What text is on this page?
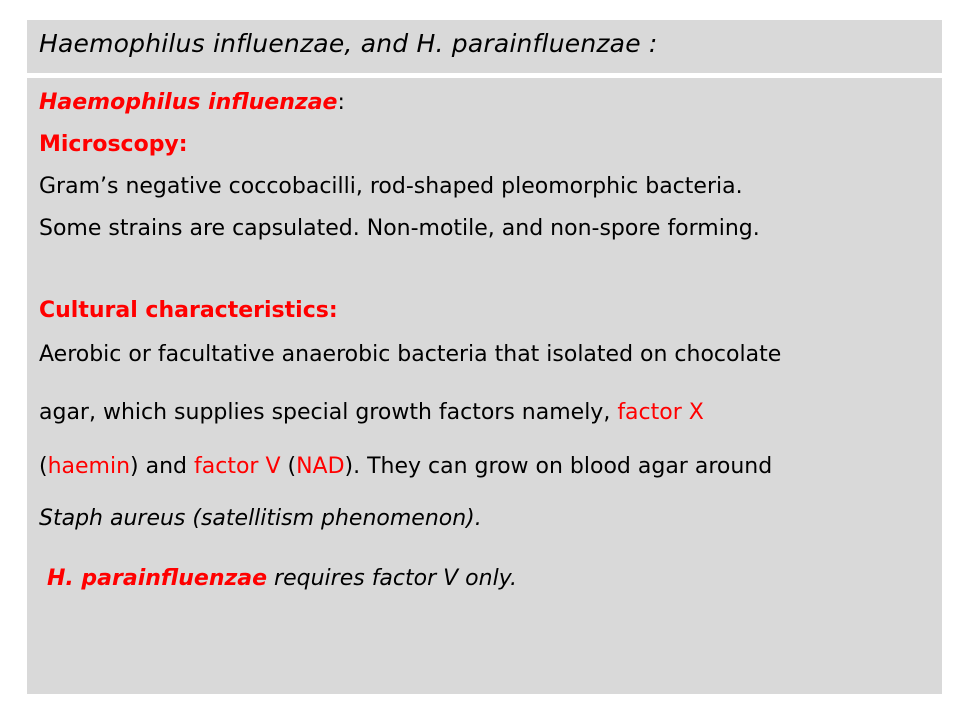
Haemophilus influenzae, and H. parainfluenzae :
Haemophilus influenzae:
Microscopy:
Gram’s negative coccobacilli, rod-shaped pleomorphic bacteria.
Some strains are capsulated. Non-motile, and non-spore forming.
Cultural characteristics:
Aerobic or facultative anaerobic bacteria that isolated on chocolate
agar, which supplies special growth factors namely, factor X
(haemin) and factor V (NAD). They can grow on blood agar around
Staph aureus (satellitism phenomenon).
H. parainfluenzae requires factor V only.
